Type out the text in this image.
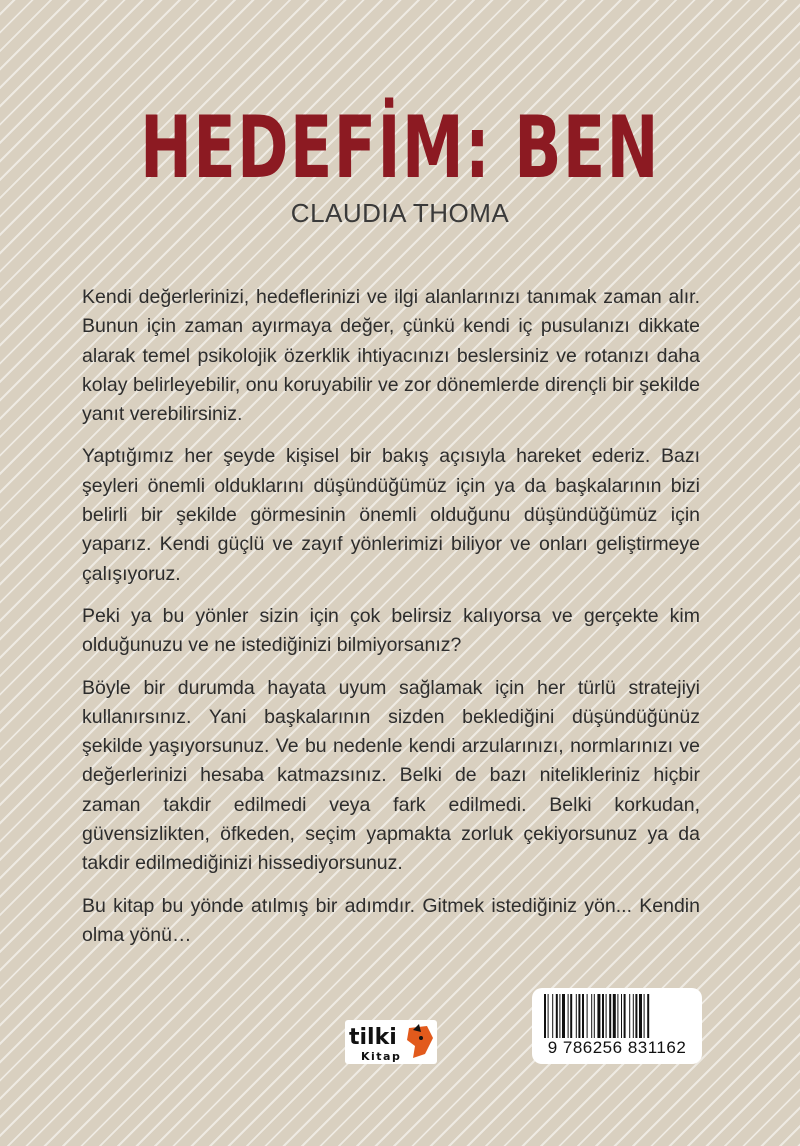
HEDEFİM: BEN
CLAUDIA THOMA

Kendi değerlerinizi, hedeflerinizi ve ilgi alanlarınızı tanımak zaman alır. Bunun için zaman ayırmaya değer, çünkü kendi iç pusulanızı dikkate alarak temel psikolojik özerklik ihtiyacınızı beslersiniz ve rotanızı daha kolay belirleyebilir, onu koruyabilir ve zor dönemlerde dirençli bir şekilde yanıt verebilirsiniz.

Yaptığımız her şeyde kişisel bir bakış açısıyla hareket ederiz. Bazı şeyleri önemli olduklarını düşündüğümüz için ya da başkalarının bizi belirli bir şekilde görmesinin önemli olduğunu düşündüğümüz için yaparız. Kendi güçlü ve zayıf yönlerimizi biliyor ve onları geliştirmeye çalışıyoruz.

Peki ya bu yönler sizin için çok belirsiz kalıyorsa ve gerçekte kim olduğunuzu ve ne istediğinizi bilmiyorsanız?

Böyle bir durumda hayata uyum sağlamak için her türlü stratejiyi kullanırsınız. Yani başkalarının sizden beklediğini düşündüğünüz şekilde yaşıyorsunuz. Ve bu nedenle kendi arzularınızı, normlarınızı ve değerlerinizi hesaba katmazsınız. Belki de bazı nitelikleriniz hiçbir zaman takdir edilmedi veya fark edilmedi. Belki korkudan, güvensizlikten, öfkeden, seçim yapmakta zorluk çekiyorsunuz ya da takdir edilmediğinizi hissediyorsunuz.

Bu kitap bu yönde atılmış bir adımdır. Gitmek istediğiniz yön... Kendin olma yönü…

tilki
Kitap	9 786256 831162
